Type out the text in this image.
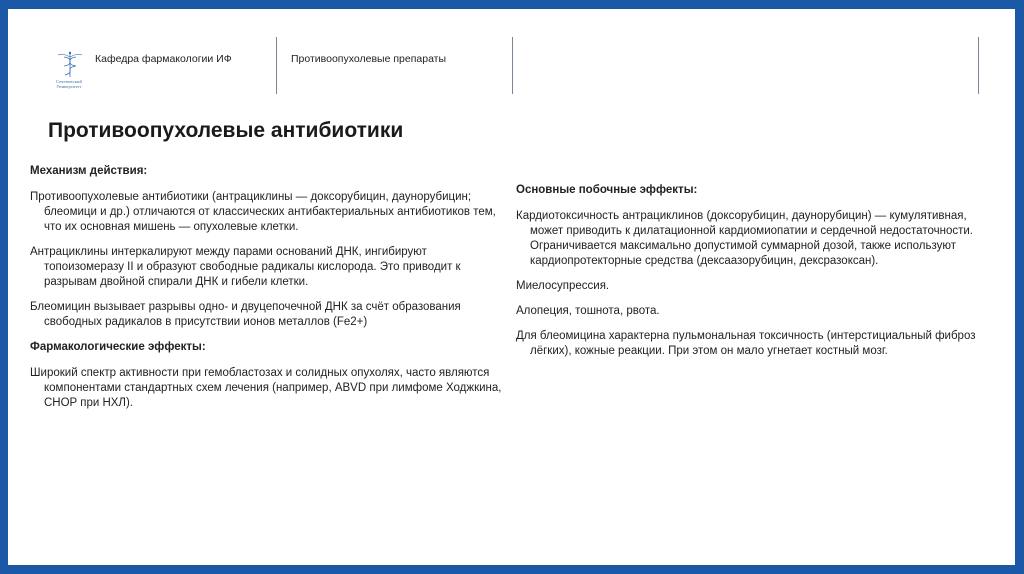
Сеченовский
Университет
Кафедра фармакологии ИФ	Противоопухолевые препараты
Противоопухолевые антибиотики

Механизм действия:

Противоопухолевые антибиотики (антрациклины — доксорубицин, даунорубицин; блеомици и др.) отличаются от классических антибактериальных антибиотиков тем, что их основная мишень — опухолевые клетки.

Антрациклины интеркалируют между парами оснований ДНК, ингибируют топоизомеразу II и образуют свободные радикалы кислорода. Это приводит к разрывам двойной спирали ДНК и гибели клетки.

Блеомицин вызывает разрывы одно- и двуцепочечной ДНК за счёт образования свободных радикалов в присутствии ионов металлов (Fe2+)

Фармакологические эффекты:

Широкий спектр активности при гемобластозах и солидных опухолях, часто являются компонентами стандартных схем лечения (например, ABVD при лимфоме Ходжкина, CHOP при НХЛ).

Основные побочные эффекты:

Кардиотоксичность антрациклинов (доксорубицин, даунорубицин) — кумулятивная, может приводить к дилатационной кардиомиопатии и сердечной недостаточности. Ограничивается максимально допустимой суммарной дозой, также используют кардиопротекторные средства (дексаазорубицин, дексразоксан).

Миелосупрессия.

Алопеция, тошнота, рвота.

Для блеомицина характерна пульмональная токсичность (интерстициальный фиброз лёгких), кожные реакции. При этом он мало угнетает костный мозг.
